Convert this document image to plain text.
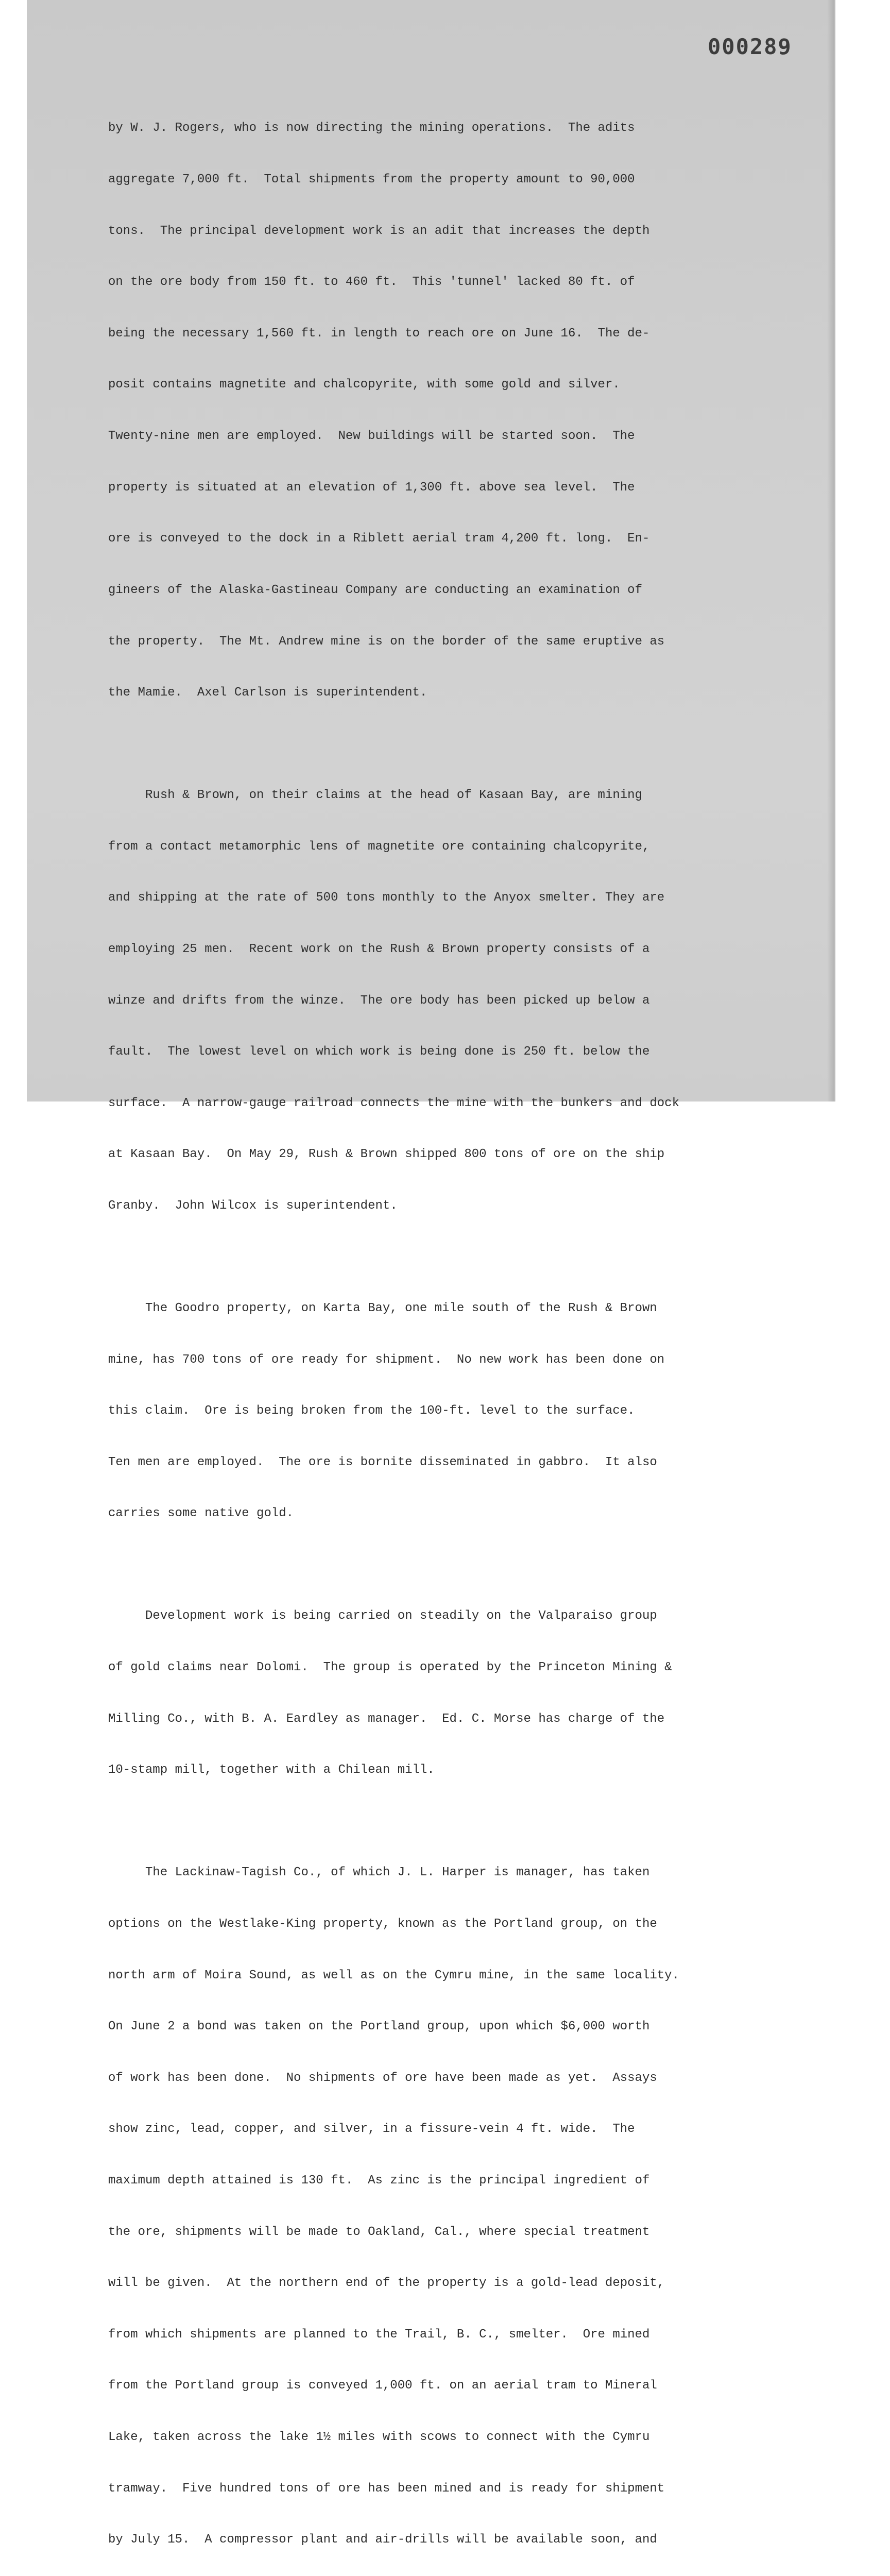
000289

by W. J. Rogers, who is now directing the mining operations.  The adits

aggregate 7,000 ft.  Total shipments from the property amount to 90,000

tons.  The principal development work is an adit that increases the depth

on the ore body from 150 ft. to 460 ft.  This 'tunnel' lacked 80 ft. of

being the necessary 1,560 ft. in length to reach ore on June 16.  The de-

posit contains magnetite and chalcopyrite, with some gold and silver.

Twenty-nine men are employed.  New buildings will be started soon.  The

property is situated at an elevation of 1,300 ft. above sea level.  The

ore is conveyed to the dock in a Riblett aerial tram 4,200 ft. long.  En-

gineers of the Alaska-Gastineau Company are conducting an examination of

the property.  The Mt. Andrew mine is on the border of the same eruptive as

the Mamie.  Axel Carlson is superintendent.

Rush & Brown, on their claims at the head of Kasaan Bay, are mining

from a contact metamorphic lens of magnetite ore containing chalcopyrite,

and shipping at the rate of 500 tons monthly to the Anyox smelter. They are

employing 25 men.  Recent work on the Rush & Brown property consists of a

winze and drifts from the winze.  The ore body has been picked up below a

fault.  The lowest level on which work is being done is 250 ft. below the

surface.  A narrow-gauge railroad connects the mine with the bunkers and dock

at Kasaan Bay.  On May 29, Rush & Brown shipped 800 tons of ore on the ship

Granby.  John Wilcox is superintendent.

The Goodro property, on Karta Bay, one mile south of the Rush & Brown

mine, has 700 tons of ore ready for shipment.  No new work has been done on

this claim.  Ore is being broken from the 100-ft. level to the surface.

Ten men are employed.  The ore is bornite disseminated in gabbro.  It also

carries some native gold.

Development work is being carried on steadily on the Valparaiso group

of gold claims near Dolomi.  The group is operated by the Princeton Mining &

Milling Co., with B. A. Eardley as manager.  Ed. C. Morse has charge of the

10-stamp mill, together with a Chilean mill.

The Lackinaw-Tagish Co., of which J. L. Harper is manager, has taken

options on the Westlake-King property, known as the Portland group, on the

north arm of Moira Sound, as well as on the Cymru mine, in the same locality.

On June 2 a bond was taken on the Portland group, upon which $6,000 worth

of work has been done.  No shipments of ore have been made as yet.  Assays

show zinc, lead, copper, and silver, in a fissure-vein 4 ft. wide.  The

maximum depth attained is 130 ft.  As zinc is the principal ingredient of

the ore, shipments will be made to Oakland, Cal., where special treatment

will be given.  At the northern end of the property is a gold-lead deposit,

from which shipments are planned to the Trail, B. C., smelter.  Ore mined

from the Portland group is conveyed 1,000 ft. on an aerial tram to Mineral

Lake, taken across the lake 1½ miles with scows to connect with the Cymru

tramway.  Five hundred tons of ore has been mined and is ready for shipment

by July 15.  A compressor plant and air-drills will be available soon, and
